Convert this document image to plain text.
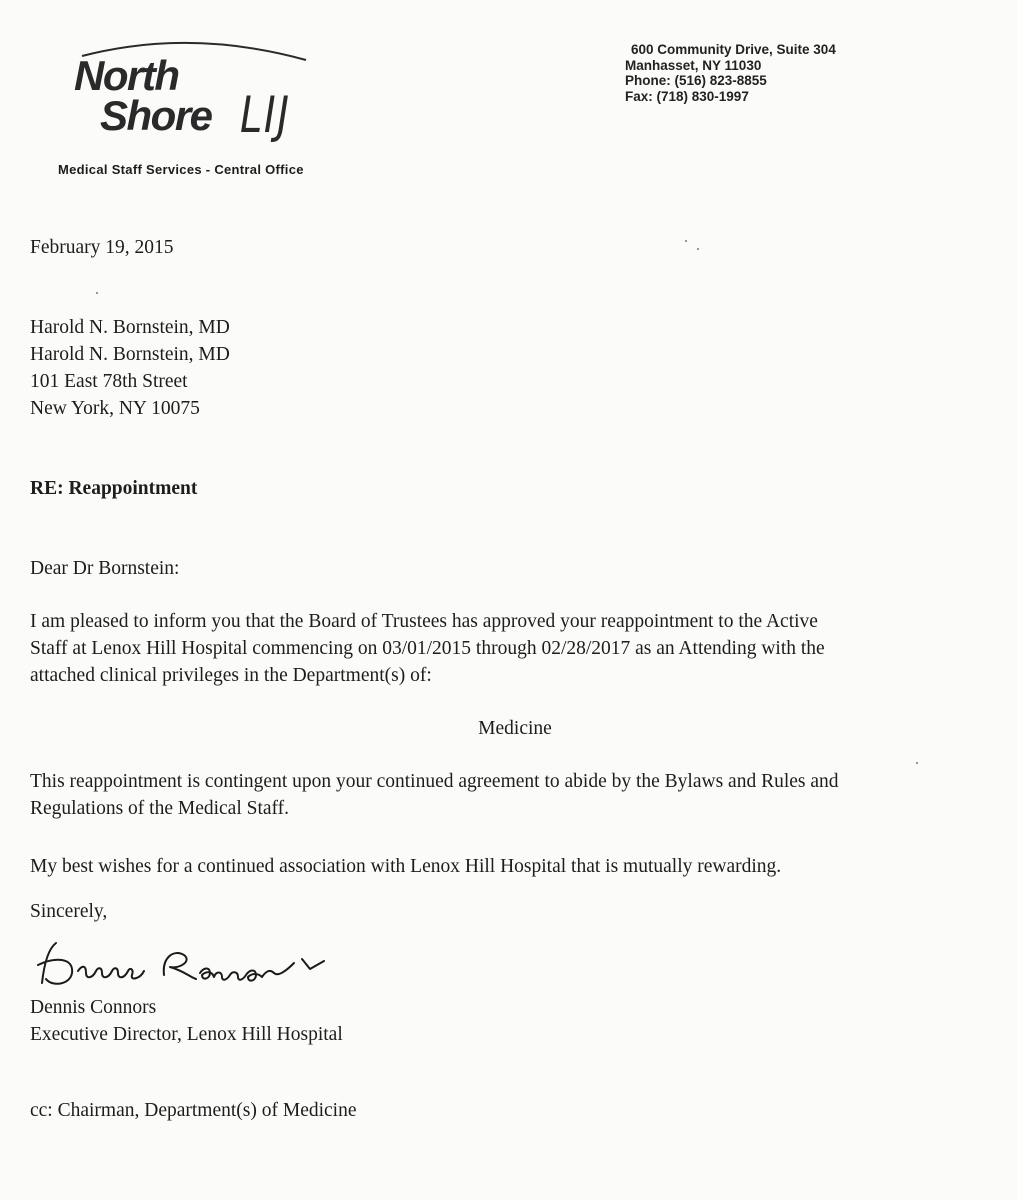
North
Shore LIJ
Medical Staff Services - Central Office
600 Community Drive, Suite 304
Manhasset, NY 11030
Phone: (516) 823-8855
Fax: (718) 830-1997
February 19, 2015
Harold N. Bornstein, MD
Harold N. Bornstein, MD
101 East 78th Street
New York, NY 10075
RE: Reappointment
Dear Dr Bornstein:
I am pleased to inform you that the Board of Trustees has approved your reappointment to the Active
Staff at Lenox Hill Hospital commencing on 03/01/2015 through 02/28/2017 as an Attending with the
attached clinical privileges in the Department(s) of:
Medicine
This reappointment is contingent upon your continued agreement to abide by the Bylaws and Rules and
Regulations of the Medical Staff.
My best wishes for a continued association with Lenox Hill Hospital that is mutually rewarding.
Sincerely,
Dennis Connors
Executive Director, Lenox Hill Hospital
cc: Chairman, Department(s) of Medicine
